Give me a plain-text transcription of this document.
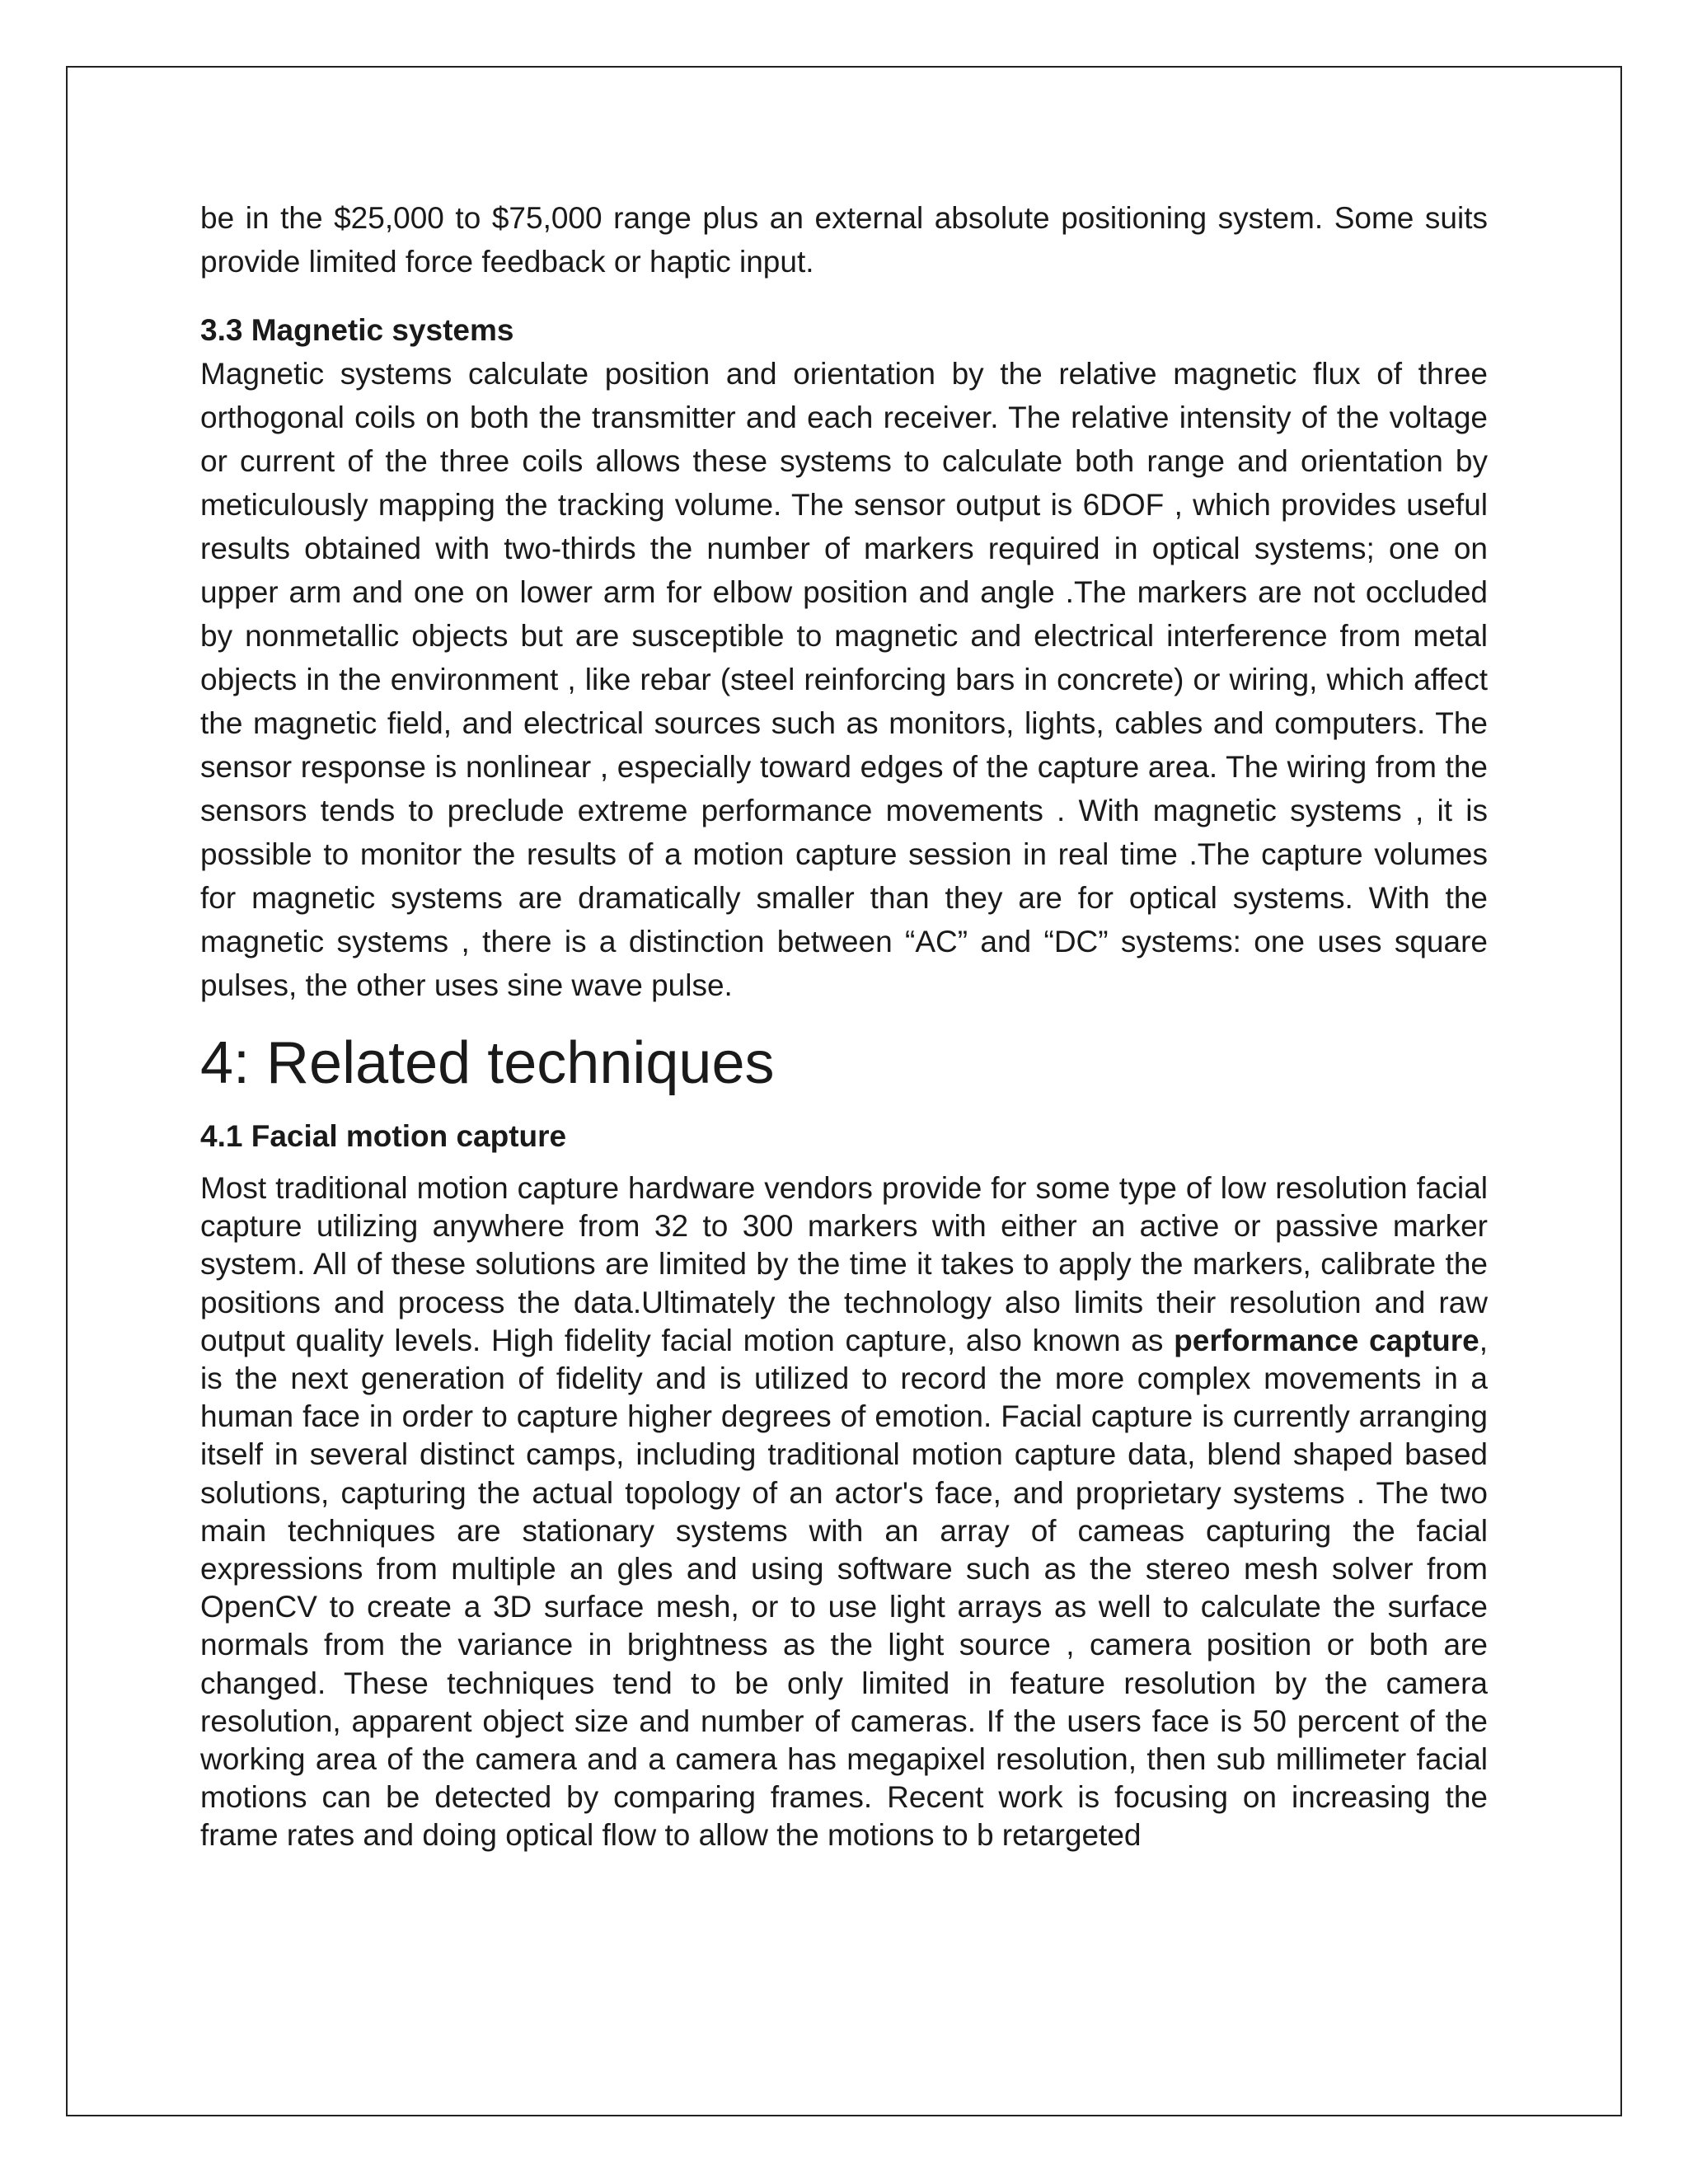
be in the $25,000 to $75,000 range plus an external absolute positioning system. Some suits provide limited force feedback or haptic input.

3.3 Magnetic systems

Magnetic systems calculate position and orientation by the relative magnetic flux of three orthogonal coils on both the transmitter and each receiver. The relative intensity of the voltage or current of the three coils allows these systems to calculate both range and orientation by meticulously mapping the tracking volume. The sensor output is 6DOF , which provides useful results obtained with two-thirds the number of markers required in optical systems; one on upper arm and one on lower arm for elbow position and angle .The markers are not occluded by nonmetallic objects but are susceptible to magnetic and electrical interference from metal objects in the environment , like rebar (steel reinforcing bars in concrete) or wiring, which affect the magnetic field, and electrical sources such as monitors, lights, cables and computers. The sensor response is nonlinear , especially toward edges of the capture area. The wiring from the sensors tends to preclude extreme performance movements . With magnetic systems , it is possible to monitor the results of a motion capture session in real time .The capture volumes for magnetic systems are dramatically smaller than they are for optical systems. With the magnetic systems , there is a distinction between “AC” and “DC” systems: one uses square pulses, the other uses sine wave pulse.

4: Related techniques
4.1 Facial motion capture

Most traditional motion capture hardware vendors provide for some type of low resolution facial capture utilizing anywhere from 32 to 300 markers with either an active or passive marker system. All of these solutions are limited by the time it takes to apply the markers, calibrate the positions and process the data.Ultimately the technology also limits their resolution and raw output quality levels. High fidelity facial motion capture, also known as performance capture, is the next generation of fidelity and is utilized to record the more complex movements in a human face in order to capture higher degrees of emotion. Facial capture is currently arranging itself in several distinct camps, including traditional motion capture data, blend shaped based solutions, capturing the actual topology of an actor's face, and proprietary systems . The two main techniques are stationary systems with an array of cameas capturing the facial expressions from multiple an gles and using software such as the stereo mesh solver from OpenCV to create a 3D surface mesh, or to use light arrays as well to calculate the surface normals from the variance in brightness as the light source , camera position or both are changed. These techniques tend to be only limited in feature resolution by the camera resolution, apparent object size and number of cameras. If the users face is 50 percent of the working area of the camera and a camera has megapixel resolution, then sub millimeter facial motions can be detected by comparing frames. Recent work is focusing on increasing the frame rates and doing optical flow to allow the motions to b retargeted
